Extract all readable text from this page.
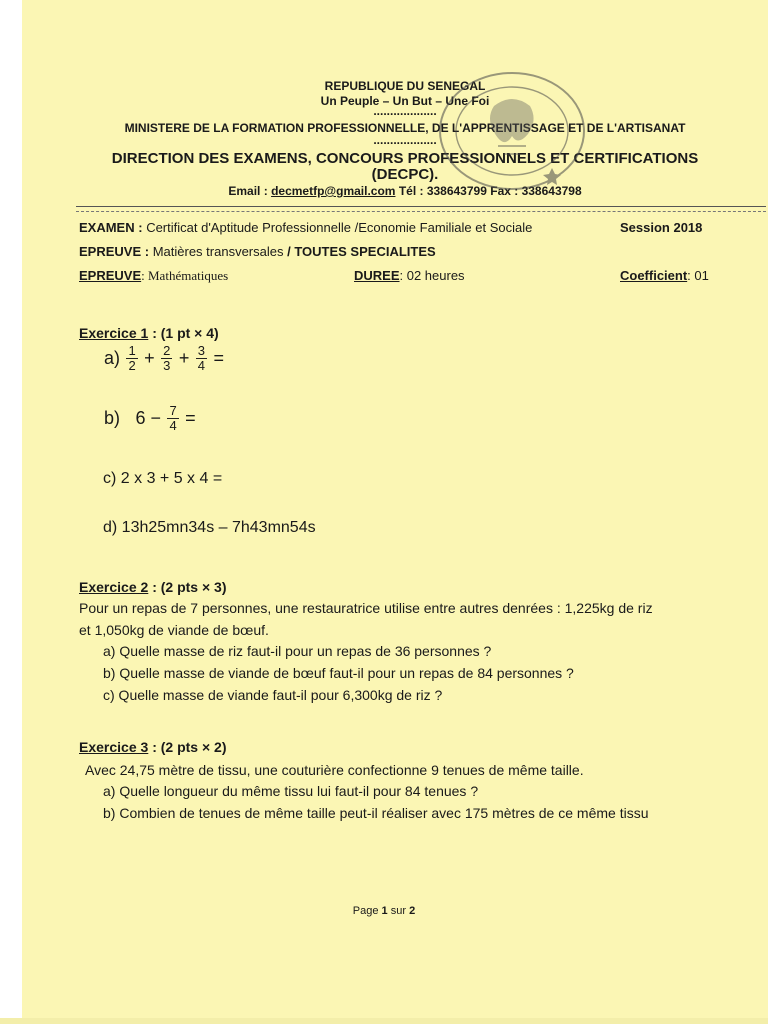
REPUBLIQUE DU SENEGAL
Un Peuple – Un But – Une Foi
...................
MINISTERE DE LA FORMATION PROFESSIONNELLE, DE L'APPRENTISSAGE ET DE L'ARTISANAT
...................
DIRECTION DES EXAMENS, CONCOURS PROFESSIONNELS ET CERTIFICATIONS
(DECPC).
Email : decmetfp@gmail.com Tél : 338643799 Fax : 338643798
EXAMEN : Certificat d'Aptitude Professionnelle /Economie Familiale et Sociale	Session 2018
EPREUVE : Matières transversales / TOUTES SPECIALITES
EPREUVE: Mathématiques	DUREE: 02 heures	Coefficient: 01
Exercice 1 : (1 pt × 4)
$a) \frac{1}{2} + \frac{2}{3} + \frac{3}{4}$ =
b) $6 - \frac{7}{4}$ =
c) 2 x 3 + 5 x 4 =
d) 13h25mn34s – 7h43mn54s
Exercice 2 : (2 pts × 3)
Pour un repas de 7 personnes, une restauratrice utilise entre autres denrées : 1,225kg de riz
et 1,050kg de viande de bœuf.
a) Quelle masse de riz faut-il pour un repas de 36 personnes ?
b) Quelle masse de viande de bœuf faut-il pour un repas de 84 personnes ?
c) Quelle masse de viande faut-il pour 6,300kg de riz ?
Exercice 3 : (2 pts × 2)
Avec 24,75 mètre de tissu, une couturière confectionne 9 tenues de même taille.
a) Quelle longueur du même tissu lui faut-il pour 84 tenues ?
b) Combien de tenues de même taille peut-il réaliser avec 175 mètres de ce même tissu
Page 1 sur 2
